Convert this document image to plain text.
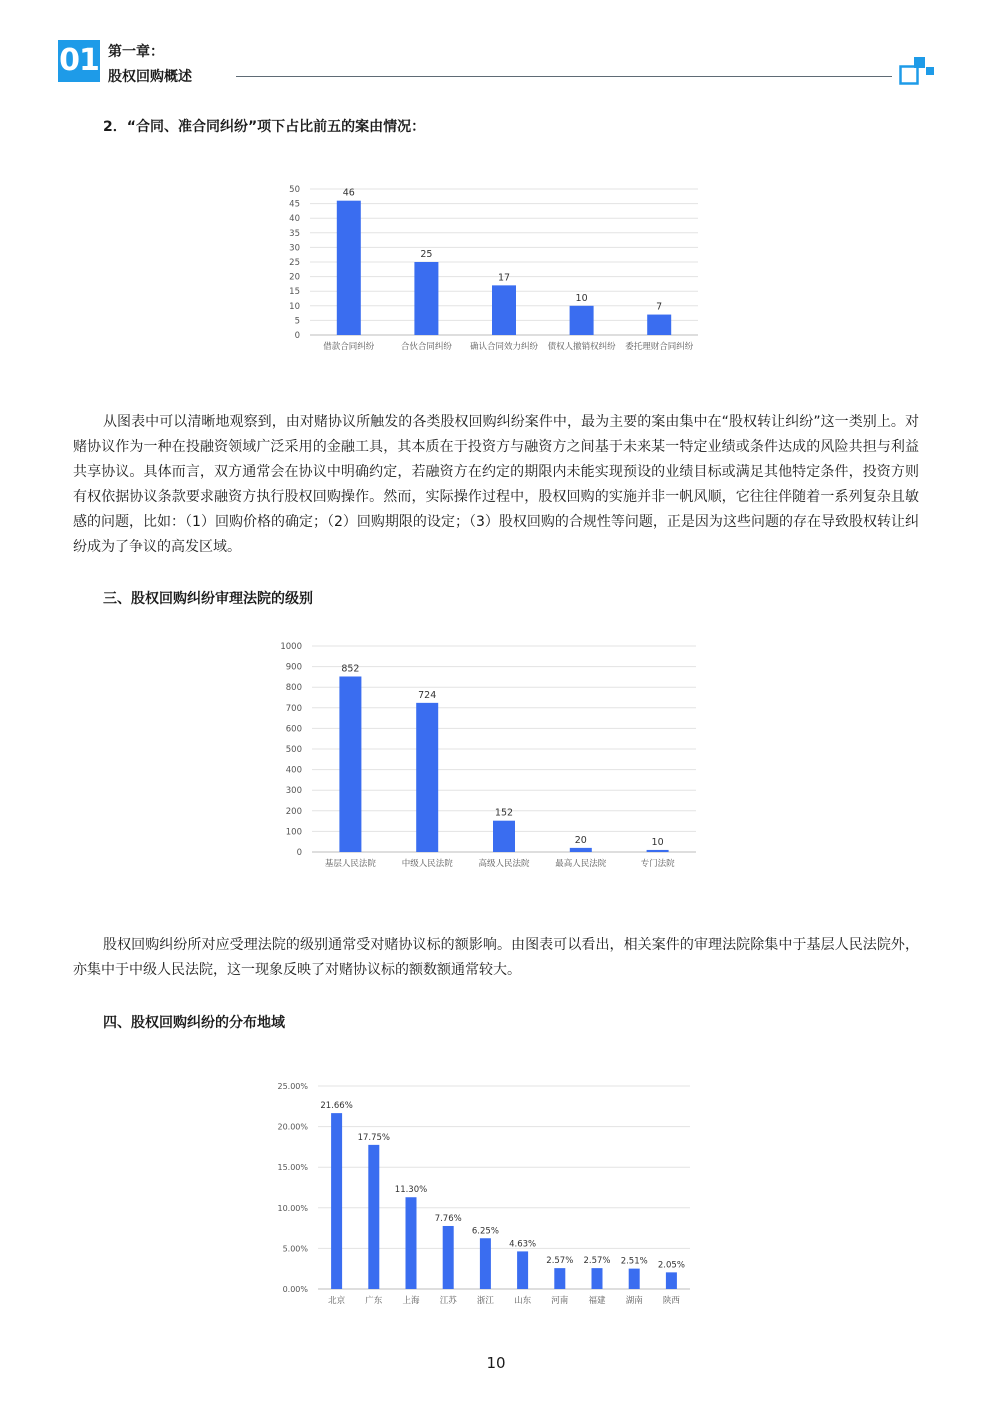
01 第一章：
股权回购概述
2．“合同、准合同纠纷”项下占比前五的案由情况：
0
5
10
15
20
25
30
35
40
45
50	46
借款合同纠纷
25
合伙合同纠纷
17
确认合同效力纠纷
10
债权人撤销权纠纷
7
委托理财合同纠纷

从图表中可以清晰地观察到，由对赌协议所触发的各类股权回购纠纷案件中，最为主要的案由集中在“股权转让纠纷”这一类别上。对赌协议作为一种在投融资领域广泛采用的金融工具，其本质在于投资方与融资方之间基于未来某一特定业绩或条件达成的风险共担与利益共享协议。具体而言，双方通常会在协议中明确约定，若融资方在约定的期限内未能实现预设的业绩目标或满足其他特定条件，投资方则有权依据协议条款要求融资方执行股权回购操作。然而，实际操作过程中，股权回购的实施并非一帆风顺，它往往伴随着一系列复杂且敏感的问题，比如：（1）回购价格的确定；（2）回购期限的设定；（3）股权回购的合规性等问题，正是因为这些问题的存在导致股权转让纠纷成为了争议的高发区域。

三、股权回购纠纷审理法院的级别
0
100
200
300
400
500
600
700
800
900
1000
852
基层人民法院
724
中级人民法院
152
高级人民法院
20
最高人民法院
10
专门法院

股权回购纠纷所对应受理法院的级别通常受对赌协议标的额影响。由图表可以看出，相关案件的审理法院除集中于基层人民法院外，亦集中于中级人民法院，这一现象反映了对赌协议标的额数额通常较大。

四、股权回购纠纷的分布地域
0.00%
5.00%
10.00%
15.00%
20.00%
25.00%
21.66%
北京
17.75%
广东
11.30%
上海
7.76%
江苏
6.25%
浙江
4.63%
山东
2.57%
河南
2.57%
福建
2.51%
湖南
2.05%
陕西
10
